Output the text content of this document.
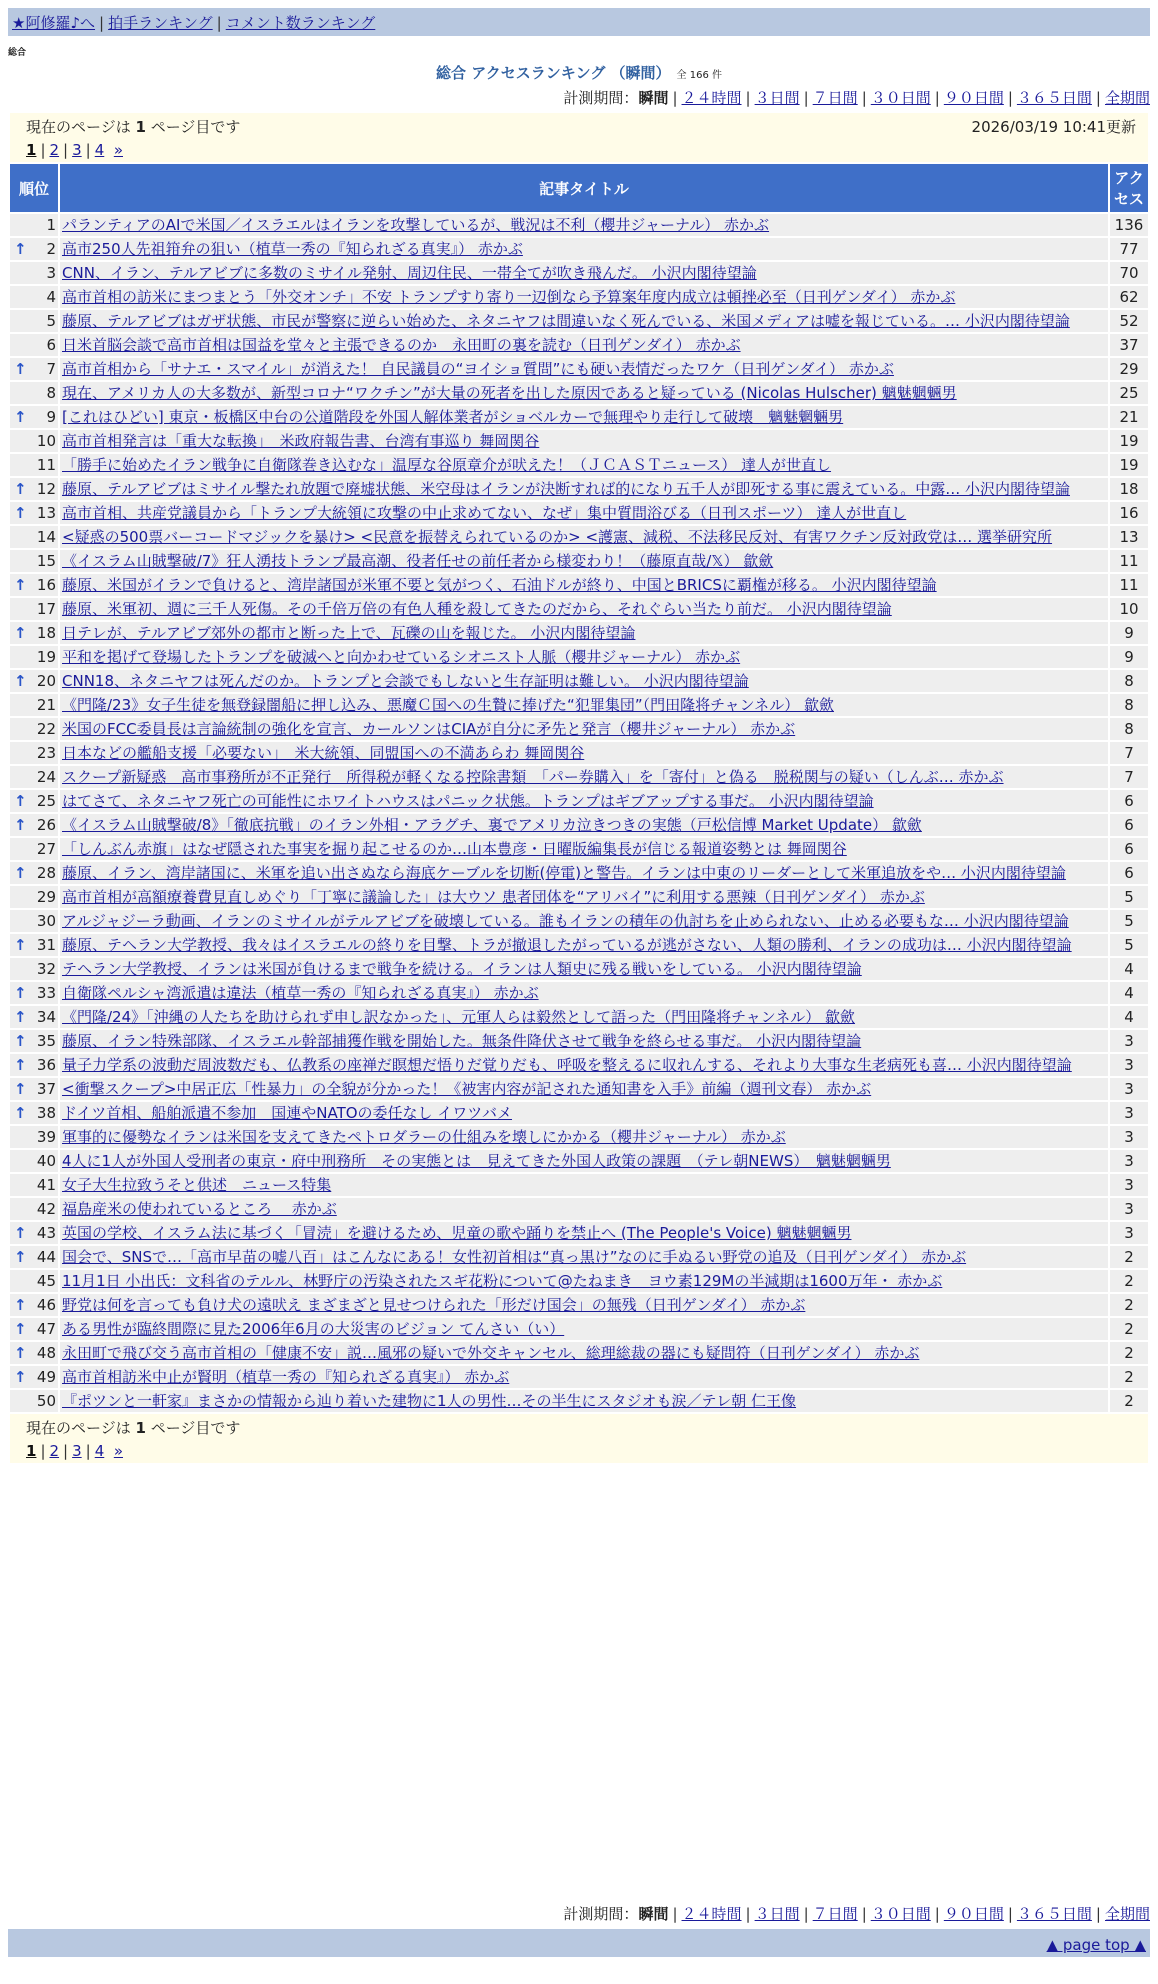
★阿修羅♪へ | 拍手ランキング | コメント数ランキング
総合
総合 アクセスランキング （瞬間） 全 166 件
計測期間：瞬間 | ２４時間 | ３日間 | ７日間 | ３０日間 | ９０日間 | ３６５日間 | 全期間
2026/03/19 10:41更新
現在のページは 1 ページ目です
1 | 2 | 3 | 4 »		

順位	記事タイトル	アクセス
1	パランティアのAIで米国／イスラエルはイランを攻撃しているが、戦況は不利（櫻井ジャーナル） 赤かぶ	136

↑ 2	高市250人先祖箝弁の狙い（植草一秀の『知られざる真実』） 赤かぶ	77
3	CNN、イラン、テルアビブに多数のミサイル発射、周辺住民、一帯全てが吹き飛んだ。 小沢内閣待望論	70
4	高市首相の訪米にまつまとう「外交オンチ」不安 トランプすり寄り一辺倒なら予算案年度内成立は頓挫必至（日刊ゲンダイ） 赤かぶ	62
5	藤原、テルアビブはガザ状態、市民が警察に逆らい始めた、ネタニヤフは間違いなく死んでいる、米国メディアは嘘を報じている。… 小沢内閣待望論	52
6	日米首脳会談で高市首相は国益を堂々と主張できるのか　永田町の裏を読む（日刊ゲンダイ） 赤かぶ	37

↑ 7	高市首相から「サナエ・スマイル」が消えた！ 自民議員の“ヨイショ質問”にも硬い表情だったワケ（日刊ゲンダイ） 赤かぶ	29
8	現在、アメリカ人の大多数が、新型コロナ“ワクチン”が大量の死者を出した原因であると疑っている (Nicolas Hulscher) 魑魅魍魎男	25

↑ 9	[これはひどい] 東京・板橋区中台の公道階段を外国人解体業者がショベルカーで無理やり走行して破壊　魑魅魍魎男	21
10	高市首相発言は「重大な転換」　米政府報告書、台湾有事巡り 舞岡関谷	19
11	「勝手に始めたイラン戦争に自衛隊巻き込むな」温厚な谷原章介が吠えた！（ＪＣＡＳＴニュース） 達人が世直し	19

↑ 12	藤原、テルアビブはミサイル撃たれ放題で廃墟状態、米空母はイランが決断すれば的になり五千人が即死する事に震えている。中露… 小沢内閣待望論	18

↑ 13	高市首相、共産党議員から「トランプ大統領に攻撃の中止求めてない、なぜ」集中質問浴びる（日刊スポーツ） 達人が世直し	16
14	<疑惑の500票バーコードマジックを暴け> <民意を振替えられているのか> <護憲、減税、不法移民反対、有害ワクチン反対政党は… 選挙研究所	13
15	《イスラム山賊撃破/7》狂人湧技トランプ最高潮、役者任せの前任者から様変わり！（藤原直哉/𝕏） 歙歛	11

↑ 16	藤原、米国がイランで負けると、湾岸諸国が米軍不要と気がつく、石油ドルが終り、中国とBRICSに覇権が移る。 小沢内閣待望論	11
17	藤原、米軍初、週に三千人死傷。その千倍万倍の有色人種を殺してきたのだから、それぐらい当たり前だ。 小沢内閣待望論	10

↑ 18	日テレが、テルアビブ郊外の都市と断った上で、瓦礫の山を報じた。 小沢内閣待望論	9
19	平和を掲げて登場したトランプを破滅へと向かわせているシオニスト人脈（櫻井ジャーナル） 赤かぶ	9

↑ 20	CNN18、ネタニヤフは死んだのか。トランプと会談でもしないと生存証明は難しい。 小沢内閣待望論	8
21	《門隆/23》女子生徒を無登録闇船に押し込み、悪魔Ｃ国への生贄に捧げた“犯罪集団”（門田隆将チャンネル） 歙歛	8
22	米国のFCC委員長は言論統制の強化を宣言、カールソンはCIAが自分に矛先と発言（櫻井ジャーナル） 赤かぶ	8
23	日本などの艦船支援「必要ない」　米大統領、同盟国への不満あらわ 舞岡関谷	7
24	スクープ新疑惑　高市事務所が不正発行　所得税が軽くなる控除書類　「パー券購入」を「寄付」と偽る　脱税関与の疑い（しんぶ… 赤かぶ	7

↑ 25	はてさて、ネタニヤフ死亡の可能性にホワイトハウスはパニック状態。トランプはギブアップする事だ。 小沢内閣待望論	6

↑ 26	《イスラム山賊撃破/8》「徹底抗戦」のイラン外相・アラグチ、裏でアメリカ泣きつきの実態（戸松信博 Market Update） 歙歛	6
27	「しんぶん赤旗」はなぜ隠された事実を掘り起こせるのか…山本豊彦・日曜版編集長が信じる報道姿勢とは 舞岡関谷	6

↑ 28	藤原、イラン、湾岸諸国に、米軍を追い出さぬなら海底ケーブルを切断(停電)と警告。イランは中東のリーダーとして米軍追放をや… 小沢内閣待望論	6
29	高市首相が高額療養費見直しめぐり「丁寧に議論した」は大ウソ 患者団体を“アリバイ”に利用する悪辣（日刊ゲンダイ） 赤かぶ	5
30	アルジャジーラ動画、イランのミサイルがテルアビブを破壊している。誰もイランの積年の仇討ちを止められない、止める必要もな… 小沢内閣待望論	5

↑ 31	藤原、テヘラン大学教授、我々はイスラエルの終りを目撃、トラが撤退したがっているが逃がさない、人類の勝利、イランの成功は… 小沢内閣待望論	5
32	テヘラン大学教授、イランは米国が負けるまで戦争を続ける。イランは人類史に残る戦いをしている。 小沢内閣待望論	4

↑ 33	自衛隊ペルシャ湾派遣は違法（植草一秀の『知られざる真実』） 赤かぶ	4

↑ 34	《門隆/24》「沖縄の人たちを助けられず申し訳なかった」、元軍人らは毅然として語った（門田隆将チャンネル） 歙歛	4

↑ 35	藤原、イラン特殊部隊、イスラエル幹部捕獲作戦を開始した。無条件降伏させて戦争を終らせる事だ。 小沢内閣待望論	3

↑ 36	量子力学系の波動だ周波数だも、仏教系の座禅だ瞑想だ悟りだ覚りだも、呼吸を整えるに収れんする、それより大事な生老病死も喜… 小沢内閣待望論	3

↑ 37	<衝撃スクープ>中居正広「性暴力」の全貌が分かった！《被害内容が記された通知書を入手》前編（週刊文春） 赤かぶ	3

↑ 38	ドイツ首相、船舶派遣不参加　国連やNATOの委任なし イワツバメ	3
39	軍事的に優勢なイランは米国を支えてきたペトロダラーの仕組みを壊しにかかる（櫻井ジャーナル） 赤かぶ	3
40	4人に1人が外国人受刑者の東京・府中刑務所　その実態とは　見えてきた外国人政策の課題　（テレ朝NEWS）　魑魅魍魎男	3
41	女子大生拉致うそと供述　ニュース特集	3
42	福島産米の使われているところ　 赤かぶ	3

↑ 43	英国の学校、イスラム法に基づく「冒涜」を避けるため、児童の歌や踊りを禁止へ (The People's Voice) 魑魅魍魎男	3

↑ 44	国会で、SNSで…「高市早苗の嘘八百」はこんなにある！女性初首相は“真っ黒け”なのに手ぬるい野党の追及（日刊ゲンダイ） 赤かぶ	2
45	11月1日 小出氏：文科省のテルル、林野庁の汚染されたスギ花粉について@たねまき　ヨウ素129Mの半減期は1600万年・ 赤かぶ	2

↑ 46	野党は何を言っても負け犬の遠吠え まざまざと見せつけられた「形だけ国会」の無残（日刊ゲンダイ） 赤かぶ	2

↑ 47	ある男性が臨終間際に見た2006年6月の大災害のビジョン てんさい（い）	2

↑ 48	永田町で飛び交う高市首相の「健康不安」説…風邪の疑いで外交キャンセル、総理総裁の器にも疑問符（日刊ゲンダイ） 赤かぶ	2

↑ 49	高市首相訪米中止が賢明（植草一秀の『知られざる真実』） 赤かぶ	2
50	『ポツンと一軒家』まさかの情報から辿り着いた建物に1人の男性…その半生にスタジオも涙／テレ朝 仁王像	2

現在のページは 1 ページ目です
1 | 2 | 3 | 4 »		
計測期間：瞬間 | ２４時間 | ３日間 | ７日間 | ３０日間 | ９０日間 | ３６５日間 | 全期間
▲ page top ▲
